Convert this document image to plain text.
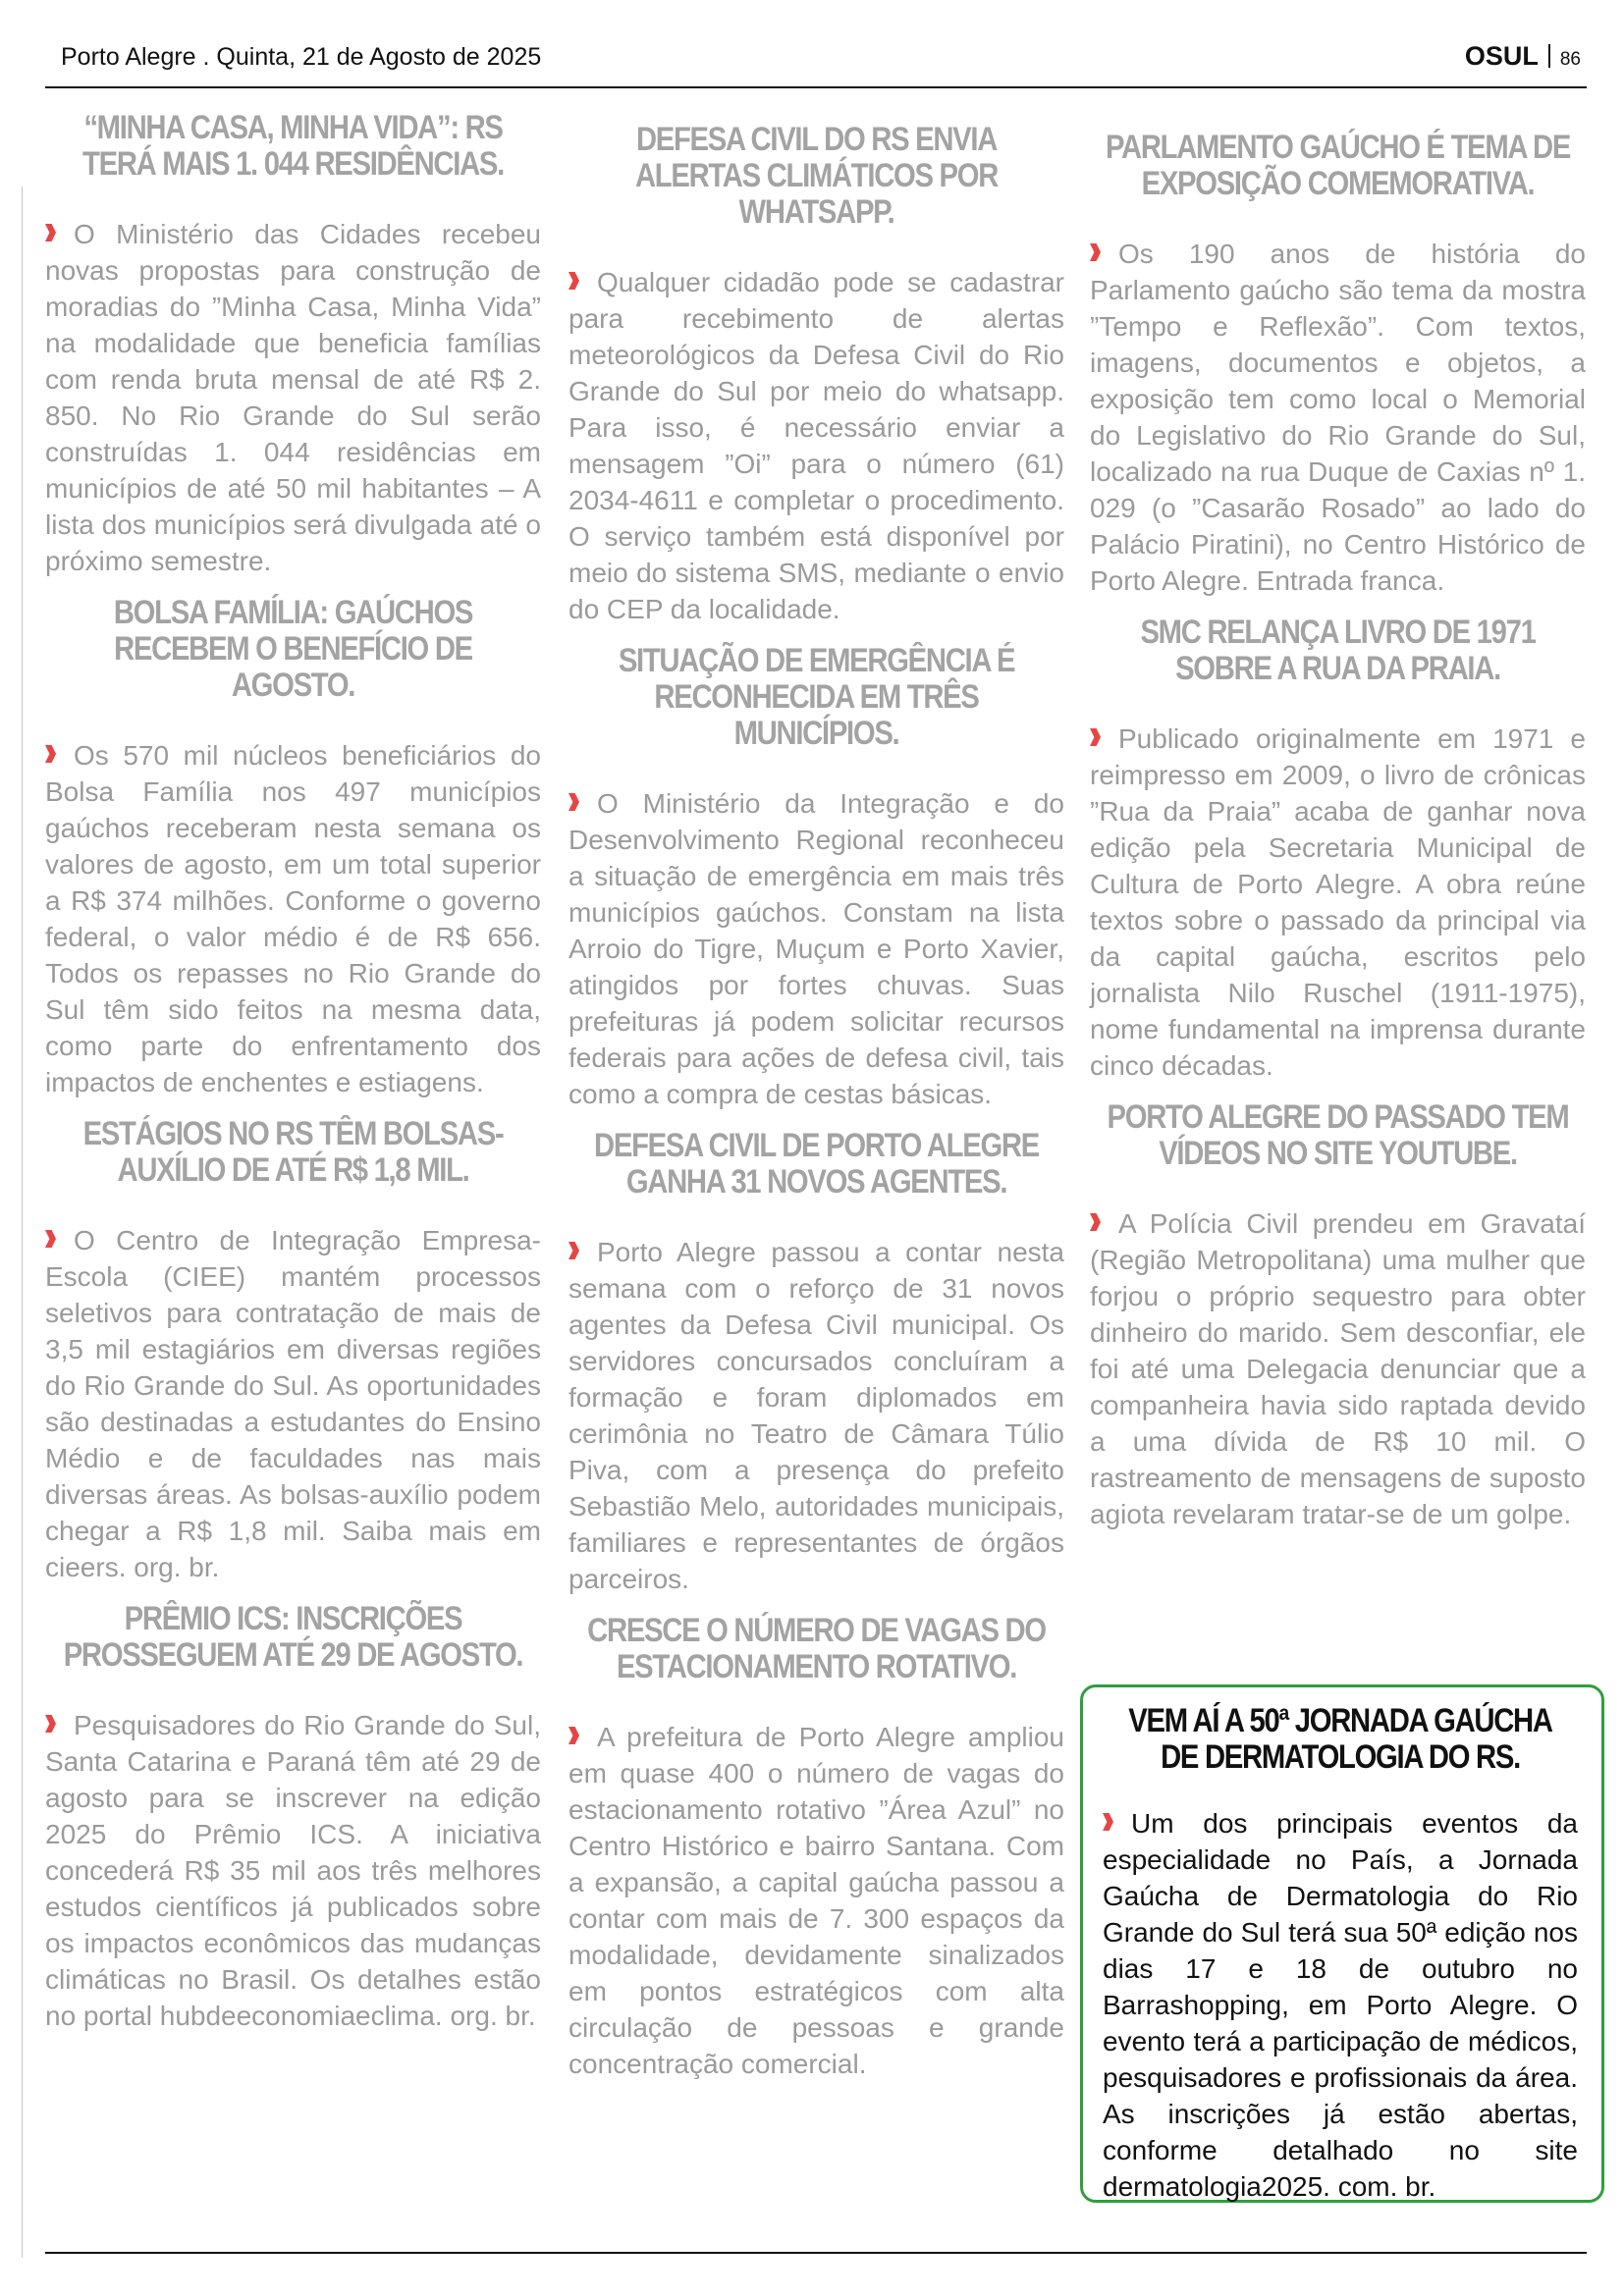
Porto Alegre . Quinta, 21 de Agosto de 2025	OSUL 86
“MINHA CASA, MINHA VIDA”: RS TERÁ MAIS 1. 044 RESIDÊNCIAS.

O Ministério das Cidades recebeu novas propostas para construção de moradias do ”Minha Casa, Minha Vida” na modalidade que beneficia famílias com renda bruta mensal de até R$ 2. 850. No Rio Grande do Sul serão construídas 1. 044 residências em municípios de até 50 mil habitantes – A lista dos municípios será divulgada até o próximo semestre.

BOLSA FAMÍLIA: GAÚCHOS RECEBEM O BENEFÍCIO DE AGOSTO.

Os 570 mil núcleos beneficiários do Bolsa Família nos 497 municípios gaúchos receberam nesta semana os valores de agosto, em um total superior a R$ 374 milhões. Conforme o governo federal, o valor médio é de R$ 656. Todos os repasses no Rio Grande do Sul têm sido feitos na mesma data, como parte do enfrentamento dos impactos de enchentes e estiagens.

ESTÁGIOS NO RS TÊM BOLSAS-AUXÍLIO DE ATÉ R$ 1,8 MIL.

O Centro de Integração Empresa-Escola (CIEE) mantém processos seletivos para contratação de mais de 3,5 mil estagiários em diversas regiões do Rio Grande do Sul. As oportunidades são destinadas a estudantes do Ensino Médio e de faculdades nas mais diversas áreas. As bolsas-auxílio podem chegar a R$ 1,8 mil. Saiba mais em cieers. org. br.

PRÊMIO ICS: INSCRIÇÕES PROSSEGUEM ATÉ 29 DE AGOSTO.

Pesquisadores do Rio Grande do Sul, Santa Catarina e Paraná têm até 29 de agosto para se inscrever na edição 2025 do Prêmio ICS. A iniciativa concederá R$ 35 mil aos três melhores estudos científicos já publicados sobre os impactos econômicos das mudanças climáticas no Brasil. Os detalhes estão no portal hubdeeconomiaeclima. org. br.

DEFESA CIVIL DO RS ENVIA ALERTAS CLIMÁTICOS POR WHATSAPP.

Qualquer cidadão pode se cadastrar para recebimento de alertas meteorológicos da Defesa Civil do Rio Grande do Sul por meio do whatsapp. Para isso, é necessário enviar a mensagem ”Oi” para o número (61) 2034-4611 e completar o procedimento. O serviço também está disponível por meio do sistema SMS, mediante o envio do CEP da localidade.

SITUAÇÃO DE EMERGÊNCIA É RECONHECIDA EM TRÊS MUNICÍPIOS.

O Ministério da Integração e do Desenvolvimento Regional reconheceu a situação de emergência em mais três municípios gaúchos. Constam na lista Arroio do Tigre, Muçum e Porto Xavier, atingidos por fortes chuvas. Suas prefeituras já podem solicitar recursos federais para ações de defesa civil, tais como a compra de cestas básicas.

DEFESA CIVIL DE PORTO ALEGRE GANHA 31 NOVOS AGENTES.

Porto Alegre passou a contar nesta semana com o reforço de 31 novos agentes da Defesa Civil municipal. Os servidores concursados concluíram a formação e foram diplomados em cerimônia no Teatro de Câmara Túlio Piva, com a presença do prefeito Sebastião Melo, autoridades municipais, familiares e representantes de órgãos parceiros.

CRESCE O NÚMERO DE VAGAS DO ESTACIONAMENTO ROTATIVO.

A prefeitura de Porto Alegre ampliou em quase 400 o número de vagas do estacionamento rotativo ”Área Azul” no Centro Histórico e bairro Santana. Com a expansão, a capital gaúcha passou a contar com mais de 7. 300 espaços da modalidade, devidamente sinalizados em pontos estratégicos com alta circulação de pessoas e grande concentração comercial.

PARLAMENTO GAÚCHO É TEMA DE EXPOSIÇÃO COMEMORATIVA.

Os 190 anos de história do Parlamento gaúcho são tema da mostra ”Tempo e Reflexão”. Com textos, imagens, documentos e objetos, a exposição tem como local o Memorial do Legislativo do Rio Grande do Sul, localizado na rua Duque de Caxias nº 1. 029 (o ”Casarão Rosado” ao lado do Palácio Piratini), no Centro Histórico de Porto Alegre. Entrada franca.

SMC RELANÇA LIVRO DE 1971 SOBRE A RUA DA PRAIA.

Publicado originalmente em 1971 e reimpresso em 2009, o livro de crônicas ”Rua da Praia” acaba de ganhar nova edição pela Secretaria Municipal de Cultura de Porto Alegre. A obra reúne textos sobre o passado da principal via da capital gaúcha, escritos pelo jornalista Nilo Ruschel (1911-1975), nome fundamental na imprensa durante cinco décadas.

PORTO ALEGRE DO PASSADO TEM VÍDEOS NO SITE YOUTUBE.

A Polícia Civil prendeu em Gravataí (Região Metropolitana) uma mulher que forjou o próprio sequestro para obter dinheiro do marido. Sem desconfiar, ele foi até uma Delegacia denunciar que a companheira havia sido raptada devido a uma dívida de R$ 10 mil. O rastreamento de mensagens de suposto agiota revelaram tratar-se de um golpe.

VEM AÍ A 50ª JORNADA GAÚCHA DE DERMATOLOGIA DO RS.

Um dos principais eventos da especialidade no País, a Jornada Gaúcha de Dermatologia do Rio Grande do Sul terá sua 50ª edição nos dias 17 e 18 de outubro no Barrashopping, em Porto Alegre. O evento terá a participação de médicos, pesquisadores e profissionais da área. As inscrições já estão abertas, conforme detalhado no site dermatologia2025. com. br.
